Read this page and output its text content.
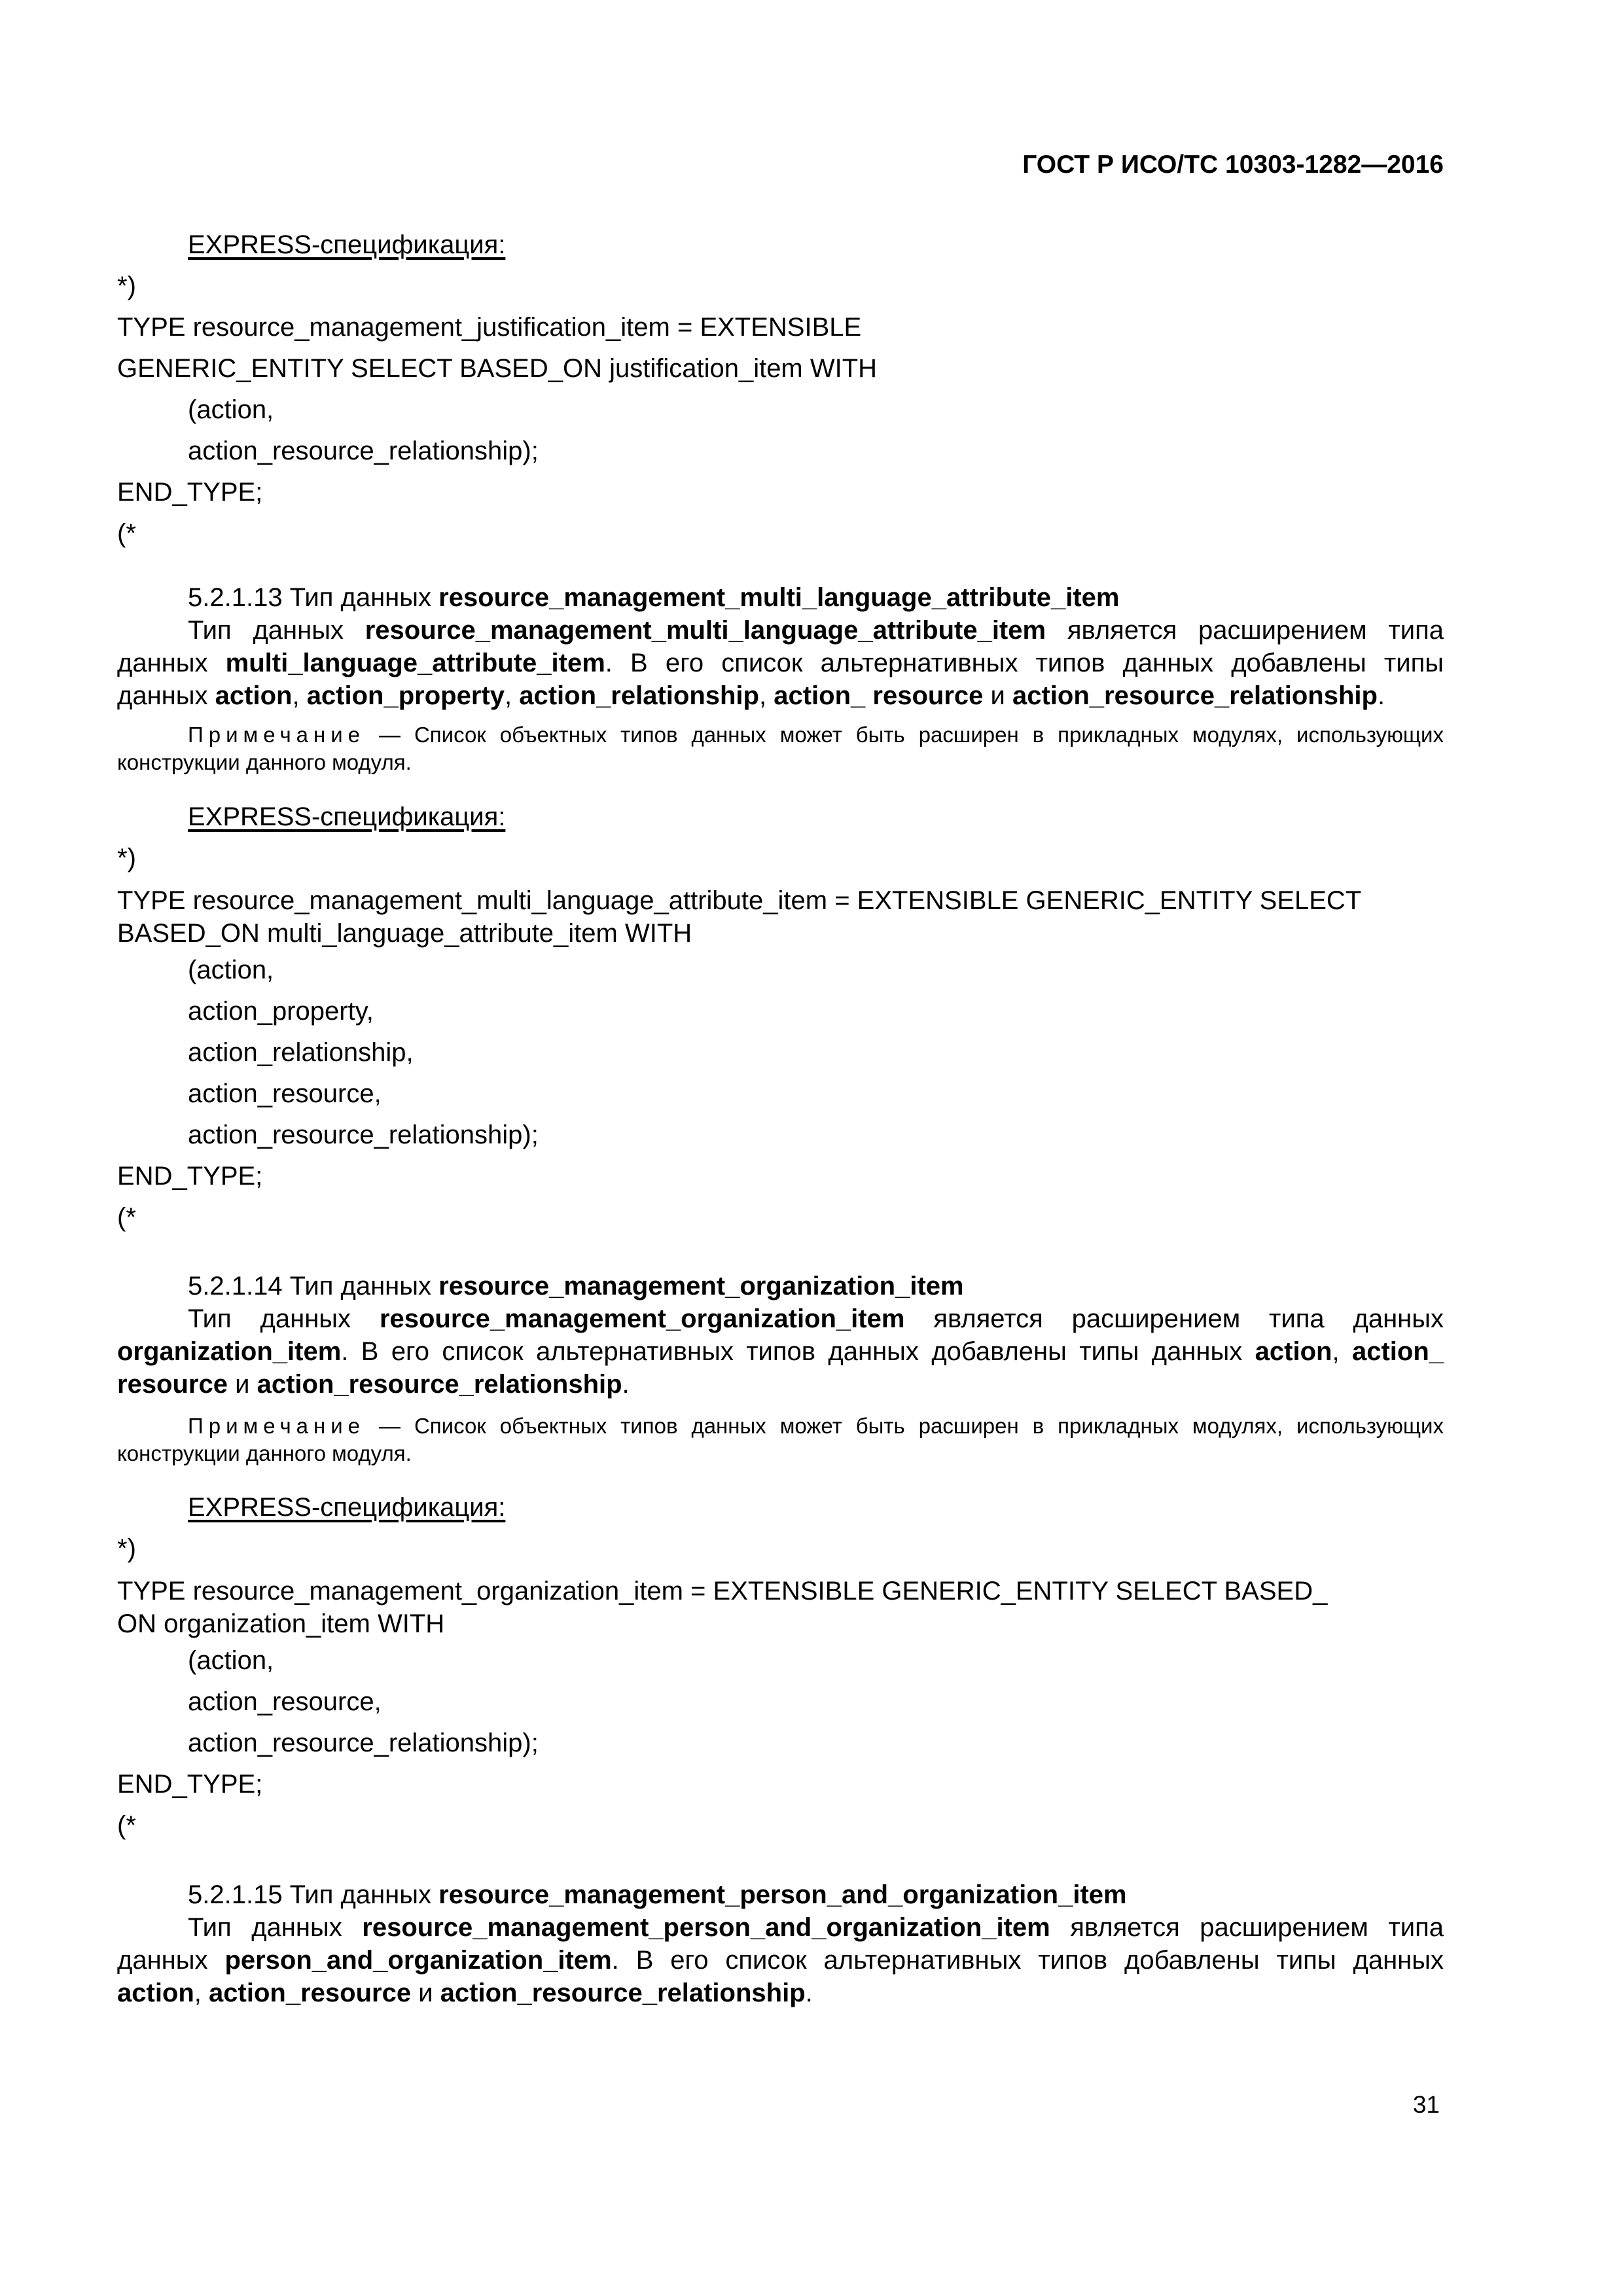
ГОСТ Р ИСО/ТС 10303-1282—2016
EXPRESS-спецификация:
*)
TYPE resource_management_justification_item = EXTENSIBLE
GENERIC_ENTITY SELECT BASED_ON justification_item WITH
(action,
action_resource_relationship);
END_TYPE;
(*
5.2.1.13 Тип данных resource_management_multi_language_attribute_item
Тип данных resource_management_multi_language_attribute_item является расширением типа данных multi_language_attribute_item. В его список альтернативных типов данных добавлены типы данных action, action_property, action_relationship, action_ resource и action_resource_relationship.
Примечание — Список объектных типов данных может быть расширен в прикладных модулях, использующих конструкции данного модуля.
EXPRESS-спецификация:
*)
TYPE resource_management_multi_language_attribute_item = EXTENSIBLE GENERIC_ENTITY SELECT
BASED_ON multi_language_attribute_item WITH
(action,
action_property,
action_relationship,
action_resource,
action_resource_relationship);
END_TYPE;
(*
5.2.1.14 Тип данных resource_management_organization_item
Тип данных resource_management_organization_item является расширением типа данных organization_item. В его список альтернативных типов данных добавлены типы данных action, action_ resource и action_resource_relationship.
Примечание — Список объектных типов данных может быть расширен в прикладных модулях, использующих конструкции данного модуля.
EXPRESS-спецификация:
*)
TYPE resource_management_organization_item = EXTENSIBLE GENERIC_ENTITY SELECT BASED_
ON organization_item WITH
(action,
action_resource,
action_resource_relationship);
END_TYPE;
(*
5.2.1.15 Тип данных resource_management_person_and_organization_item
Тип данных resource_management_person_and_organization_item является расширением типа данных person_and_organization_item. В его список альтернативных типов добавлены типы данных action, action_resource и action_resource_relationship.
31
